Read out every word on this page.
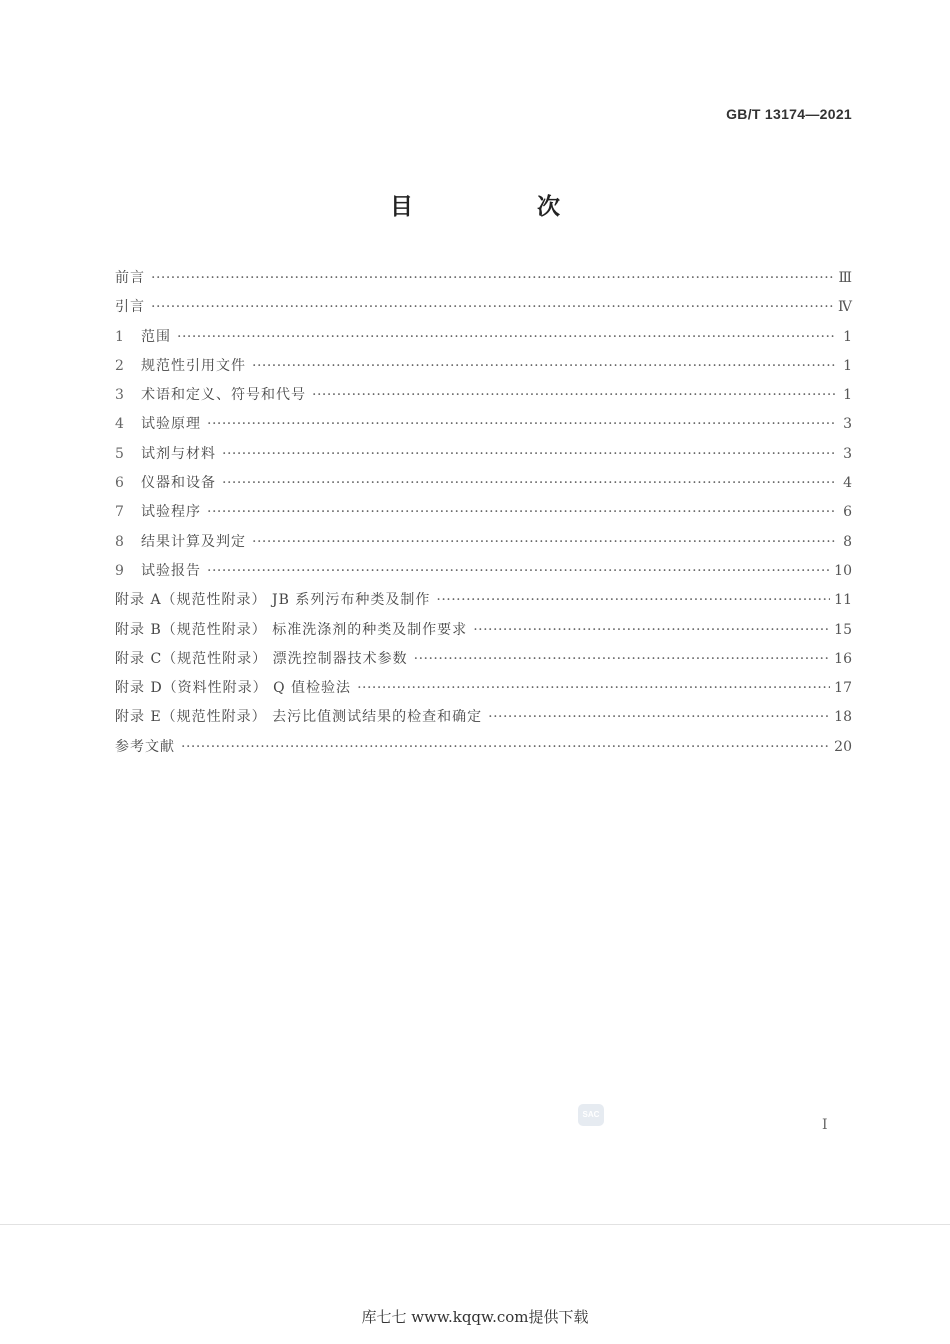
GB/T 13174—2021
目 次
前言 ·····	Ⅲ
引言 ·····	Ⅳ
1	范围 ·····	1
2	规范性引用文件 ·····	1
3	术语和定义、符号和代号 ·····	1
4	试验原理 ·····	3
5	试剂与材料 ·····	3
6	仪器和设备 ·····	4
7	试验程序 ·····	6
8	结果计算及判定 ·····	8
9	试验报告 ·····	10
附录 A（规范性附录） JB 系列污布种类及制作 ·····	11
附录 B（规范性附录） 标准洗涤剂的种类及制作要求 ·····	15
附录 C（规范性附录） 漂洗控制器技术参数 ·····	16
附录 D（资料性附录） Q 值检验法 ·····	17
附录 E（规范性附录） 去污比值测试结果的检查和确定 ·····	18
参考文献 ·····	20
SAC
I
库七七 www.kqqw.com提供下载
